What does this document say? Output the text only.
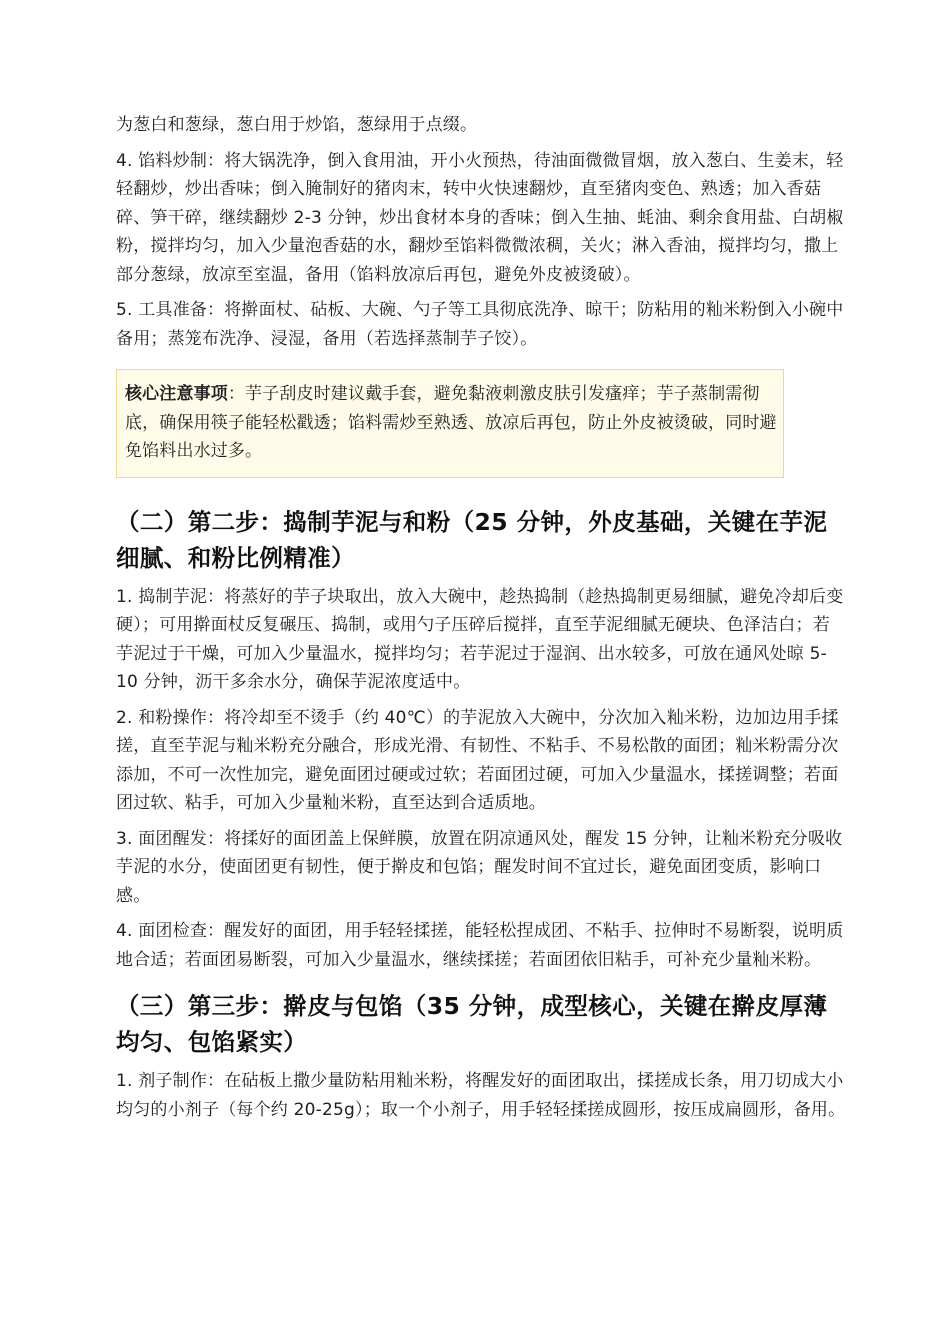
为葱白和葱绿，葱白用于炒馅，葱绿用于点缀。

4. 馅料炒制：将大锅洗净，倒入食用油，开小火预热，待油面微微冒烟，放入葱白、生姜末，轻轻翻炒，炒出香味；倒入腌制好的猪肉末，转中火快速翻炒，直至猪肉变色、熟透；加入香菇碎、笋干碎，继续翻炒 2-3 分钟，炒出食材本身的香味；倒入生抽、蚝油、剩余食用盐、白胡椒粉，搅拌均匀，加入少量泡香菇的水，翻炒至馅料微微浓稠，关火；淋入香油，搅拌均匀，撒上部分葱绿，放凉至室温，备用（馅料放凉后再包，避免外皮被烫破）。

5. 工具准备：将擀面杖、砧板、大碗、勺子等工具彻底洗净、晾干；防粘用的籼米粉倒入小碗中备用；蒸笼布洗净、浸湿，备用（若选择蒸制芋子饺）。

核心注意事项：芋子刮皮时建议戴手套，避免黏液刺激皮肤引发瘙痒；芋子蒸制需彻底，确保用筷子能轻松戳透；馅料需炒至熟透、放凉后再包，防止外皮被烫破，同时避免馅料出水过多。

（二）第二步：捣制芋泥与和粉（25 分钟，外皮基础，关键在芋泥细腻、和粉比例精准）

1. 捣制芋泥：将蒸好的芋子块取出，放入大碗中，趁热捣制（趁热捣制更易细腻，避免冷却后变硬）；可用擀面杖反复碾压、捣制，或用勺子压碎后搅拌，直至芋泥细腻无硬块、色泽洁白；若芋泥过于干燥，可加入少量温水，搅拌均匀；若芋泥过于湿润、出水较多，可放在通风处晾 5-10 分钟，沥干多余水分，确保芋泥浓度适中。

2. 和粉操作：将冷却至不烫手（约 40℃）的芋泥放入大碗中，分次加入籼米粉，边加边用手揉搓，直至芋泥与籼米粉充分融合，形成光滑、有韧性、不粘手、不易松散的面团；籼米粉需分次添加，不可一次性加完，避免面团过硬或过软；若面团过硬，可加入少量温水，揉搓调整；若面团过软、粘手，可加入少量籼米粉，直至达到合适质地。

3. 面团醒发：将揉好的面团盖上保鲜膜，放置在阴凉通风处，醒发 15 分钟，让籼米粉充分吸收芋泥的水分，使面团更有韧性，便于擀皮和包馅；醒发时间不宜过长，避免面团变质，影响口感。

4. 面团检查：醒发好的面团，用手轻轻揉搓，能轻松捏成团、不粘手、拉伸时不易断裂，说明质地合适；若面团易断裂，可加入少量温水，继续揉搓；若面团依旧粘手，可补充少量籼米粉。

（三）第三步：擀皮与包馅（35 分钟，成型核心，关键在擀皮厚薄均匀、包馅紧实）

1. 剂子制作：在砧板上撒少量防粘用籼米粉，将醒发好的面团取出，揉搓成长条，用刀切成大小均匀的小剂子（每个约 20-25g）；取一个小剂子，用手轻轻揉搓成圆形，按压成扁圆形，备用。
